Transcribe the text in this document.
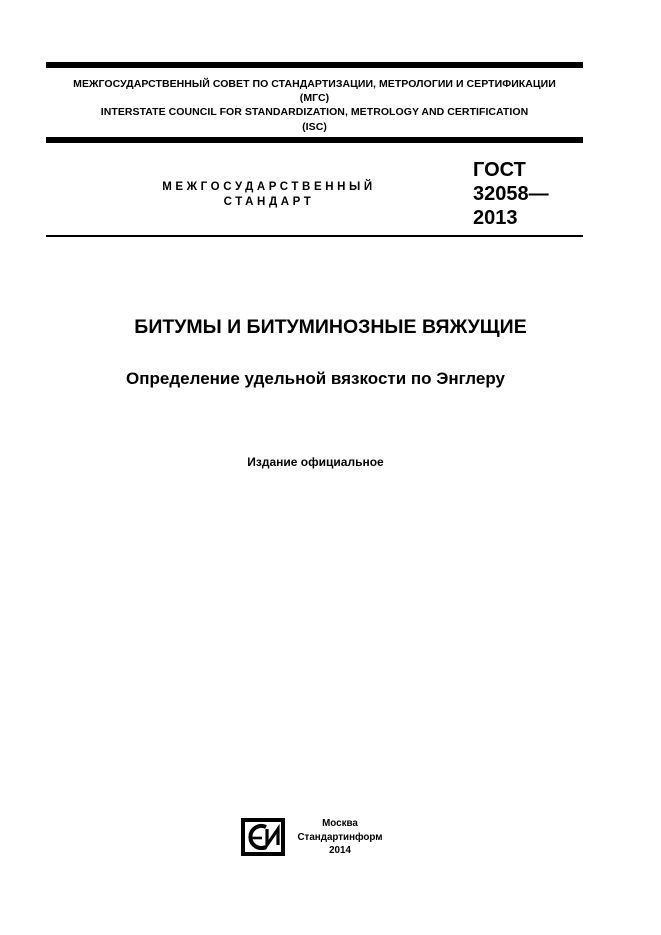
МЕЖГОСУДАРСТВЕННЫЙ СОВЕТ ПО СТАНДАРТИЗАЦИИ, МЕТРОЛОГИИ И СЕРТИФИКАЦИИ
(МГС)
INTERSTATE COUNCIL FOR STANDARDIZATION, METROLOGY AND CERTIFICATION
(ISC)
МЕЖГОСУДАРСТВЕННЫЙ
СТАНДАРТ
ГОСТ
32058—
2013
БИТУМЫ И БИТУМИНОЗНЫЕ ВЯЖУЩИЕ
Определение удельной вязкости по Энглеру
Издание официальное
Москва
Стандартинформ
2014
